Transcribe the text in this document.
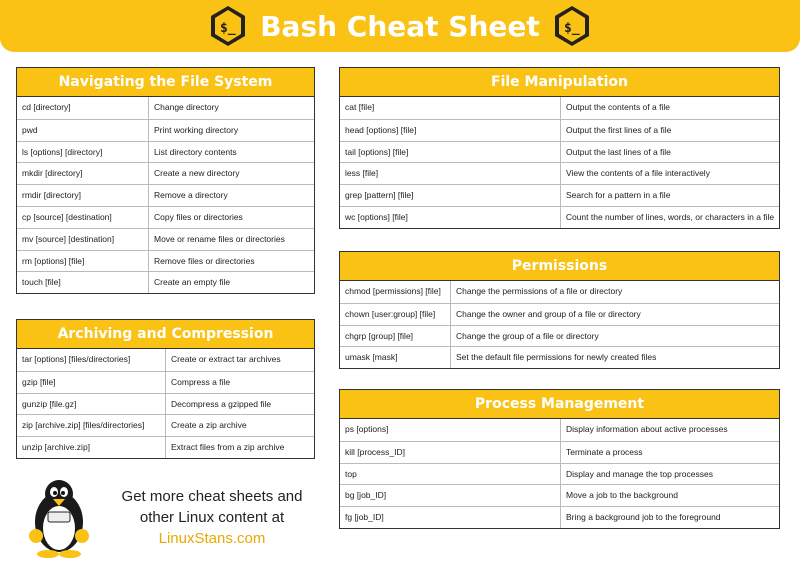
$_ Bash Cheat Sheet $_
Navigating the File System
cd [directory]	Change directory
pwd	Print working directory
ls [options] [directory]	List directory contents
mkdir [directory]	Create a new directory
rmdir [directory]	Remove a directory
cp [source] [destination]	Copy files or directories
mv [source] [destination]	Move or rename files or directories
rm [options] [file]	Remove files or directories
touch [file]	Create an empty file
Archiving and Compression
tar [options] [files/directories]	Create or extract tar archives
gzip [file]	Compress a file
gunzip [file.gz]	Decompress a gzipped file
zip [archive.zip] [files/directories]	Create a zip archive
unzip [archive.zip]	Extract files from a zip archive
File Manipulation
cat [file]	Output the contents of a file
head [options] [file]	Output the first lines of a file
tail [options] [file]	Output the last lines of a file
less [file]	View the contents of a file interactively
grep [pattern] [file]	Search for a pattern in a file
wc [options] [file]	Count the number of lines, words, or characters in a file
Permissions
chmod [permissions] [file]	Change the permissions of a file or directory
chown [user:group] [file]	Change the owner and group of a file or directory
chgrp [group] [file]	Change the group of a file or directory
umask [mask]	Set the default file permissions for newly created files
Process Management
ps [options]	Display information about active processes
kill [process_ID]	Terminate a process
top	Display and manage the top processes
bg [job_ID]	Move a job to the background
fg [job_ID]	Bring a background job to the foreground
Get more cheat sheets and
other Linux content at
LinuxStans.com
